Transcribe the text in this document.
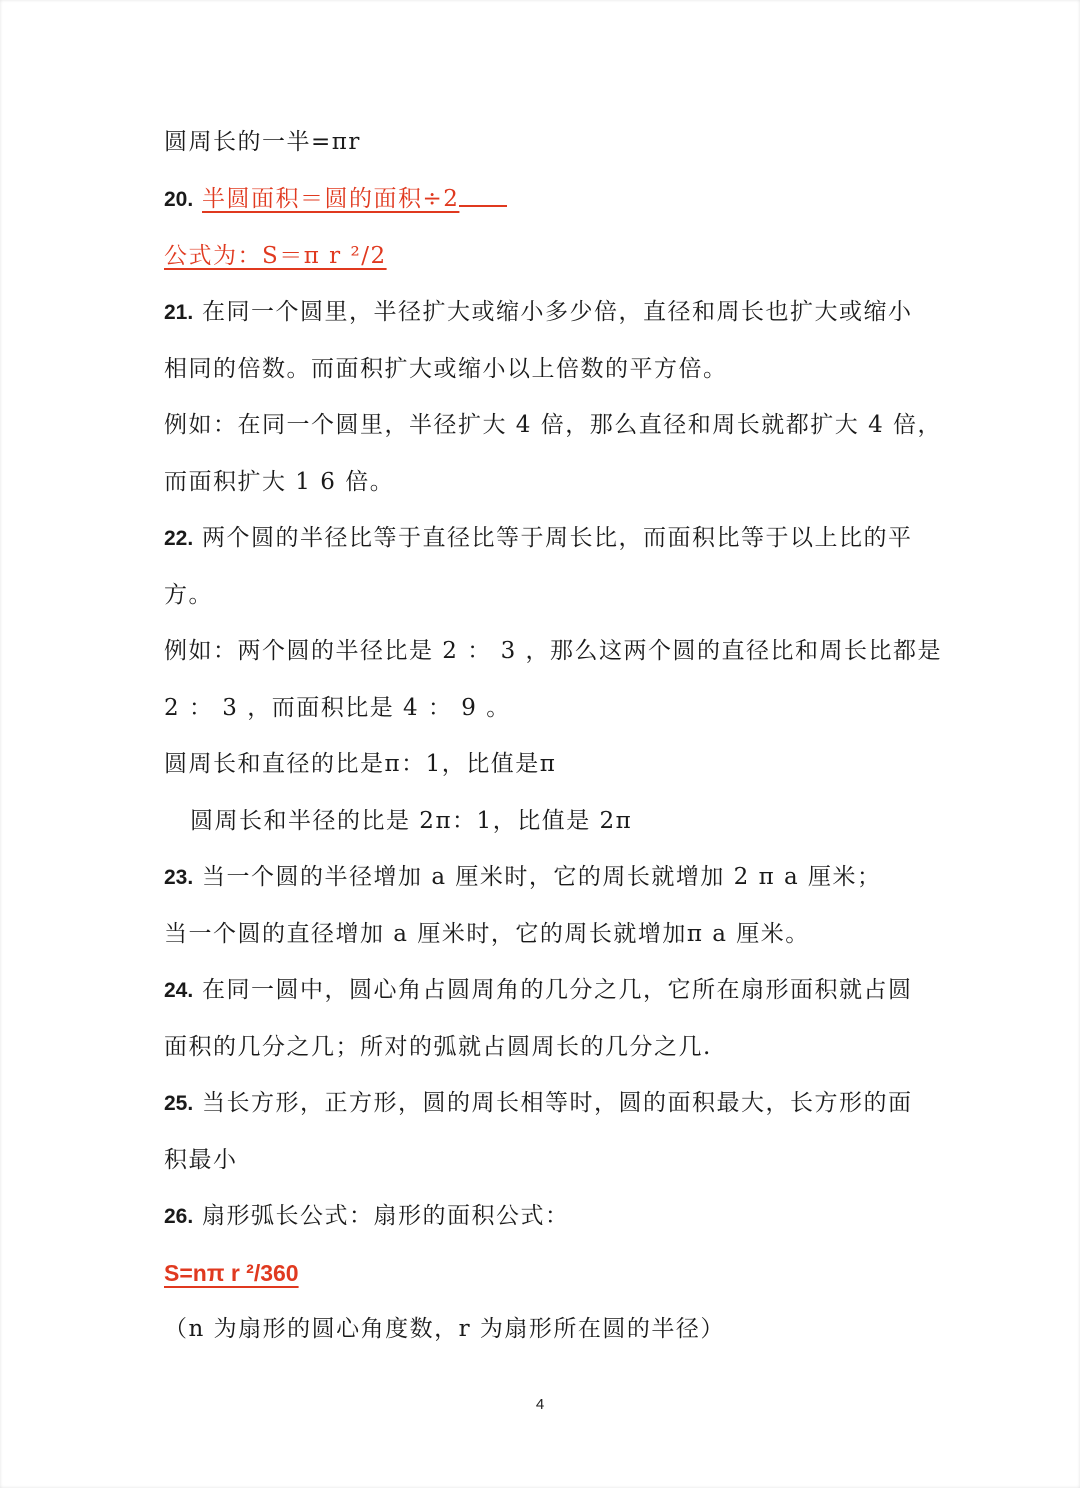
圆周长的一半=πr
20. 半圆面积＝圆的面积÷2
公式为：S＝π r ²/2
21. 在同一个圆里，半径扩大或缩小多少倍，直径和周长也扩大或缩小
相同的倍数。而面积扩大或缩小以上倍数的平方倍。
例如：在同一个圆里，半径扩大 4 倍，那么直径和周长就都扩大 4 倍，
而面积扩大 1 6 倍。
22. 两个圆的半径比等于直径比等于周长比，而面积比等于以上比的平
方。
例如：两个圆的半径比是 2 ： 3 ，那么这两个圆的直径比和周长比都是
2 ： 3 ，而面积比是 4 ： 9 。
圆周长和直径的比是π：1，比值是π
圆周长和半径的比是 2π：1，比值是 2π
23. 当一个圆的半径增加 a 厘米时，它的周长就增加 2 π a 厘米；
当一个圆的直径增加 a 厘米时，它的周长就增加π a 厘米。
24. 在同一圆中，圆心角占圆周角的几分之几，它所在扇形面积就占圆
面积的几分之几；所对的弧就占圆周长的几分之几.
25. 当长方形，正方形，圆的周长相等时，圆的面积最大，长方形的面
积最小
26. 扇形弧长公式：扇形的面积公式：
S=nπ r ²/360
（n 为扇形的圆心角度数，r 为扇形所在圆的半径）
4
